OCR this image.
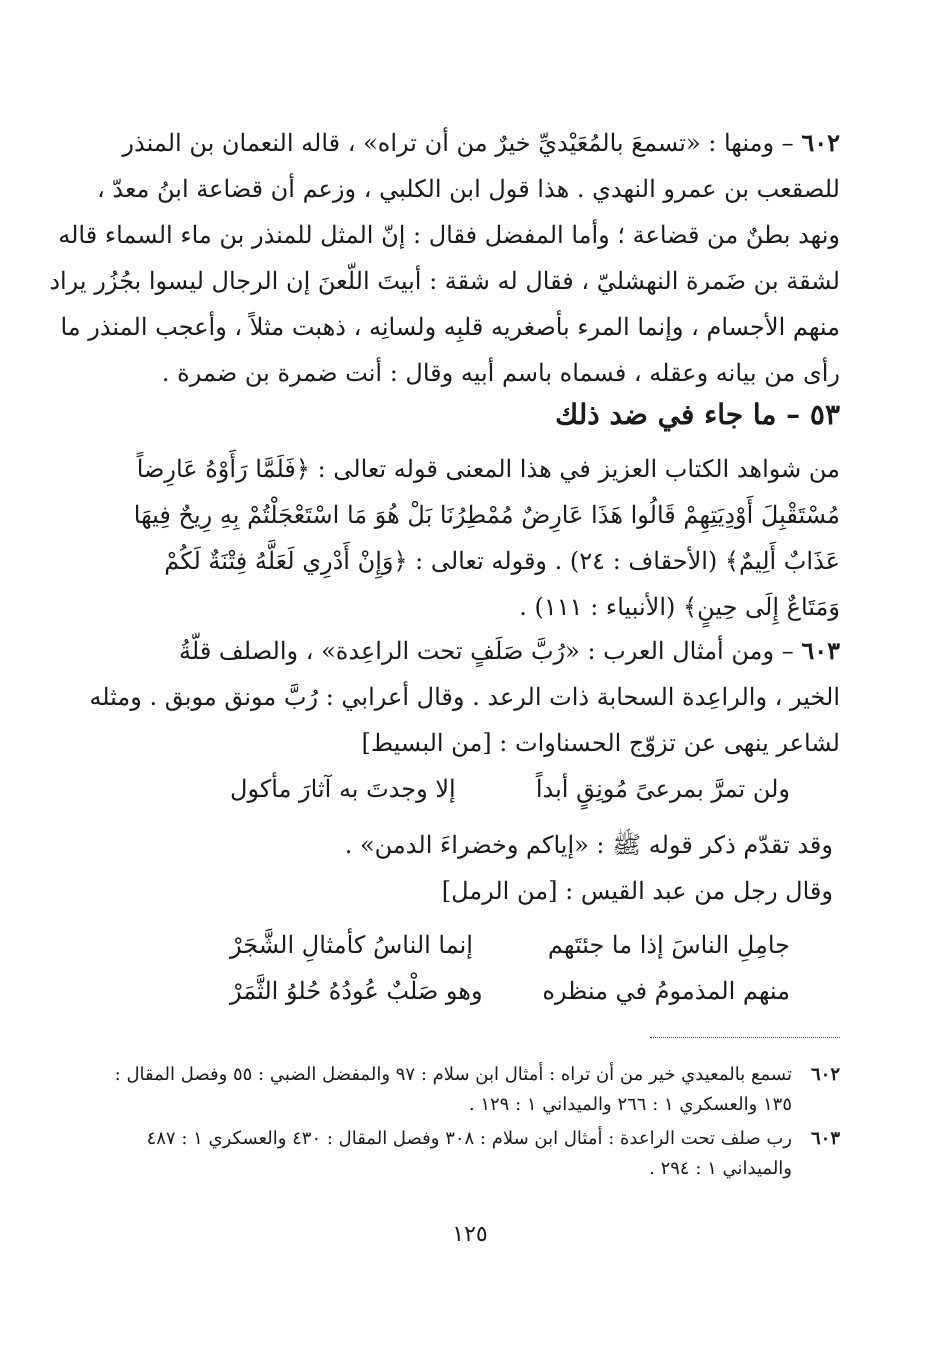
٦٠٢ – ومنها : «تسمعَ بالمُعَيْديِّ خيرٌ من أن تراه» ، قاله النعمان بن المنذر
للصقعب بن عمرو النهدي . هذا قول ابن الكلبي ، وزعم أن قضاعة ابنُ معدّ ،
ونهد بطنٌ من قضاعة ؛ وأما المفضل فقال : إنّ المثل للمنذر بن ماء السماء قاله
لشقة بن ضَمرة النهشليّ ، فقال له شقة : أبيتَ اللّعنَ إن الرجال ليسوا بجُزُر يراد
منهم الأجسام ، وإنما المرء بأصغريه قلبِه ولسانِه ، ذهبت مثلاً ، وأعجب المنذر ما
رأى من بيانه وعقله ، فسماه باسم أبيه وقال : أنت ضمرة بن ضمرة .
٥٣ – ما جاء في ضد ذلك
من شواهد الكتاب العزيز في هذا المعنى قوله تعالى : ﴿فَلَمَّا رَأَوْهُ عَارِضاً
مُسْتَقْبِلَ أَوْدِيَتِهِمْ قَالُوا هَذَا عَارِضٌ مُمْطِرُنَا بَلْ هُوَ مَا اسْتَعْجَلْتُمْ بِهِ رِيحٌ فِيهَا
عَذَابٌ أَلِيمٌ﴾ (الأحقاف : ٢٤) . وقوله تعالى : ﴿وَإِنْ أَدْرِي لَعَلَّهُ فِتْنَةٌ لَكُمْ
وَمَتَاعٌ إِلَى حِينٍ﴾ (الأنبياء : ١١١) .
٦٠٣ – ومن أمثال العرب : «رُبَّ صَلَفٍ تحت الراعِدة» ، والصلف قلّةُ
الخير ، والراعِدة السحابة ذات الرعد . وقال أعرابي : رُبَّ مونق موبق . ومثله
لشاعر ينهى عن تزوّج الحسناوات : [من البسيط]
ولن تمرَّ بمرعىً مُونِقٍ أبداً
إلا وجدتَ به آثارَ مأكول
وقد تقدّم ذكر قوله ﷺ : «إياكم وخضراءَ الدمن» .
وقال رجل من عبد القيس : [من الرمل]
جامِلِ الناسَ إذا ما جئتَهم
إنما الناسُ كأمثالِ الشَّجَرْ
منهم المذمومُ في منظره
وهو صَلْبٌ عُودُهُ حُلوُ الثَّمَرْ
٦٠٢
تسمع بالمعيدي خير من أن تراه : أمثال ابن سلام : ٩٧ والمفضل الضبي : ٥٥ وفصل المقال :
١٣٥ والعسكري ١ : ٢٦٦ والميداني ١ : ١٢٩ .
٦٠٣
رب صلف تحت الراعدة : أمثال ابن سلام : ٣٠٨ وفصل المقال : ٤٣٠ والعسكري ١ : ٤٨٧
والميداني ١ : ٢٩٤ .
١٢٥
